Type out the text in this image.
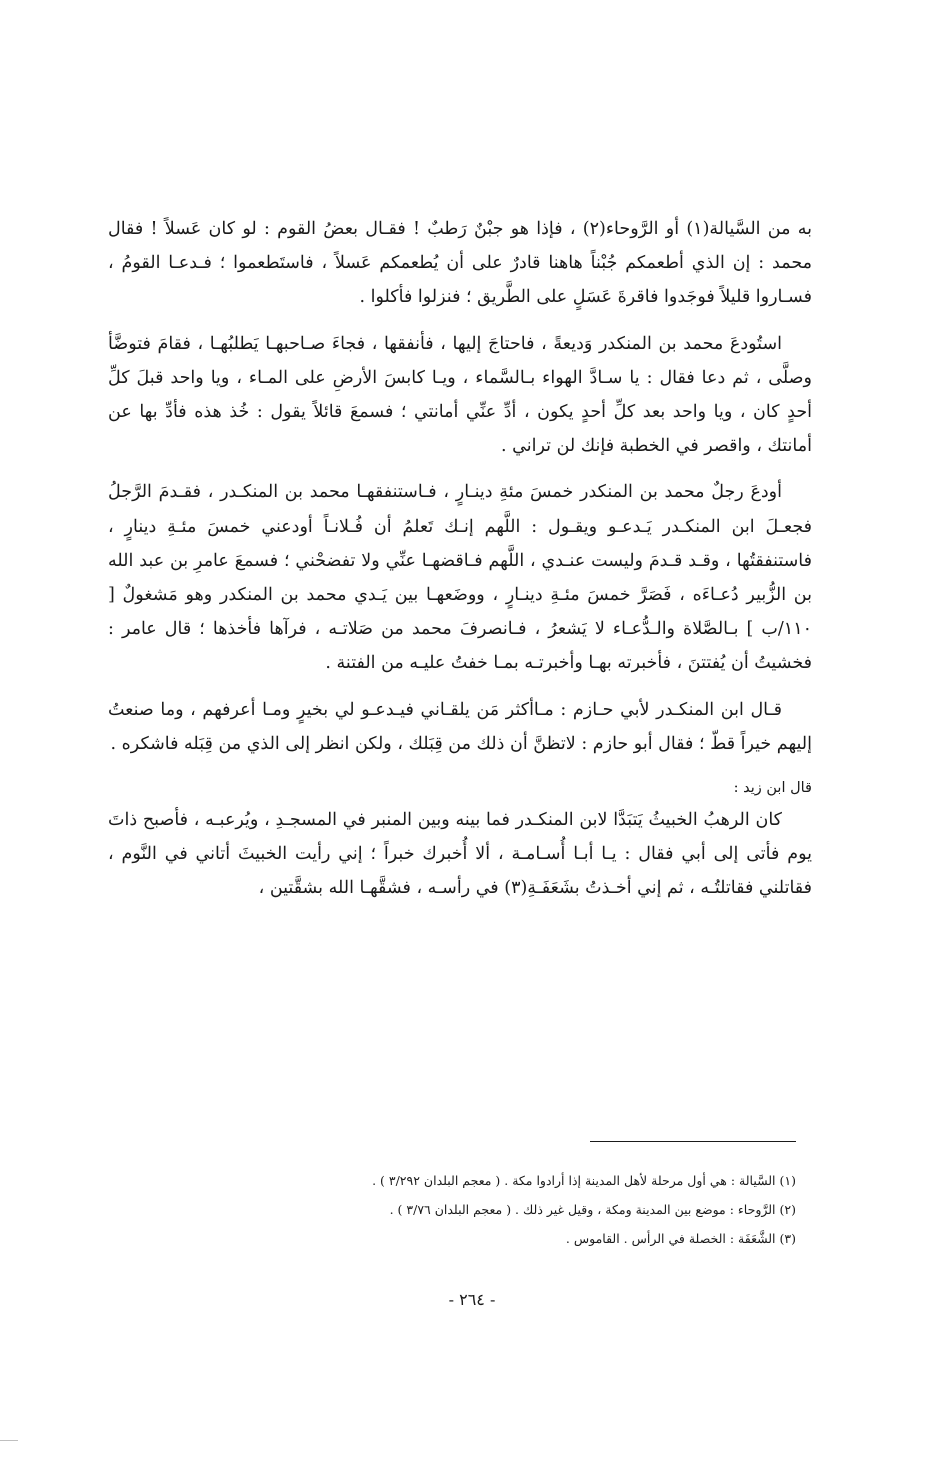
به من السَّيالة(١) أو الرَّوحاء(٢) ، فإذا هو جبْنٌ رَطبٌ ! فقـال بعضُ القوم : لو كان عَسلاً ! فقال محمد : إن الذي أطعمكم جُبْناً هاهنا قادرٌ على أن يُطعمكم عَسلاً ، فاستَطعموا ؛ فـدعـا القومُ ، فسـاروا قليلاً فوجَدوا فاقرةَ عَسَلٍ على الطَّريق ؛ فنزلوا فأكلوا .

استُودعَ محمد بن المنكدر وَديعةً ، فاحتاجَ إليها ، فأنفقها ، فجاءَ صـاحبهـا يَطلبُهـا ، فقامَ فتوضَّأ وصلَّى ، ثم دعا فقال : يا سـادَّ الهواء بـالسَّماء ، ويـا كابسَ الأرضِ على المـاء ، ويا واحد قبلَ كلِّ أحدٍ كان ، ويا واحد بعد كلِّ أحدٍ يكون ، أدِّ عنِّي أمانتي ؛ فسمعَ قائلاً يقول : خُذ هذه فأدِّ بها عن أمانتك ، واقصر في الخطبة فإنك لن تراني .

أودعَ رجلٌ محمد بن المنكدر خمسَ مئةِ دينـارٍ ، فـاستنفقهـا محمد بن المنكـدر ، فقـدمَ الرَّجلُ فجعـلَ ابن المنكـدر يَـدعـو ويقـول : اللَّهم إنـك تَعلمُ أن فُـلانـاً أودعني خمسَ مئـةِ دينارٍ ، فاستنفقتُها ، وقـد قـدمَ وليست عنـدي ، اللَّهم فـاقضهـا عنِّي ولا تفضحْني ؛ فسمعَ عامرِ بن عبد الله بن الزُّبير دُعـاءَه ، فَصَرَّ خمسَ مئـةِ دينـارٍ ، ووضَعهـا بين يَـدي محمد بن المنكدر وهو مَشغولٌ [ ١١٠/ب ] بـالصَّلاة والـدُّعـاء لا يَشعرُ ، فـانصرفَ محمد من صَلاتـه ، فرآها فأخذها ؛ قال عامر : فخشيتُ أن يُفتتنَ ، فأخبرته بهـا وأخبرتـه بمـا خفتُ عليـه من الفتنة .

قـال ابن المنكـدر لأبي حـازم : مـاأكثر مَن يلقـاني فيـدعـو لي بخيرٍ ومـا أعرفهم ، وما صنعتُ إليهم خيراً قطّ ؛ فقال أبو حازم : لاتظنَّ أن ذلك من قِبَلك ، ولكن انظر إلى الذي من قِبَله فاشكره .

قال ابن زيد :

كان الرهبُ الخبيثُ يَتبَدَّا لابن المنكـدر فما بينه وبين المنبر في المسجـدِ ، ويُرعبـه ، فأصبح ذاتَ يوم فأتى إلى أبي فقال : يـا أبـا أُسـامـة ، ألا أُخبرك خبراً ؛ إني رأيت الخبيثَ أتاني في النَّوم ، فقاتلني فقاتلتُـه ، ثم إني أخـذتُ بشَعَفَـةِ(٣) في رأسـه ، فشقَّهـا الله بشقَّتين ،

(١) السَّيالة : هي أول مرحلة لأهل المدينة إذا أرادوا مكة . ( معجم البلدان ٣/٢٩٢ ) .

(٢) الرَّوحاء : موضع بين المدينة ومكة ، وقيل غير ذلك . ( معجم البلدان ٣/٧٦ ) .

(٣) الشَّعَفَة : الخصلة في الرأس . القاموس .

- ٢٦٤ -
